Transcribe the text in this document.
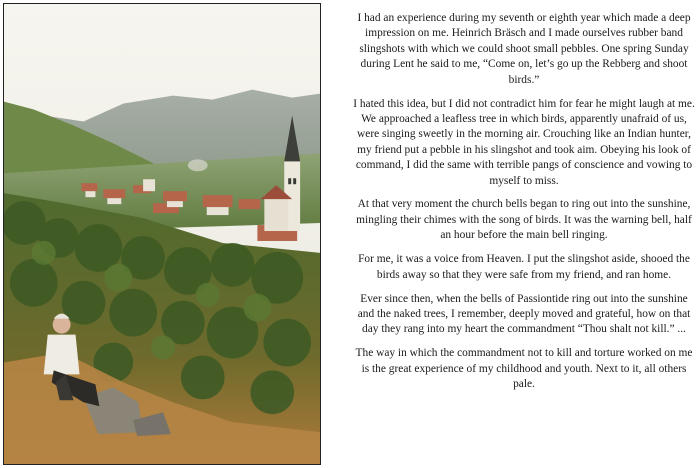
I had an experience during my seventh or eighth year which made a deep impression on me. Heinrich Bräsch and I made ourselves rubber band slingshots with which we could shoot small pebbles. One spring Sunday during Lent he said to me, “Come on, let’s go up the Rebberg and shoot birds.”

I hated this idea, but I did not contradict him for fear he might laugh at me. We approached a leafless tree in which birds, apparently unafraid of us, were singing sweetly in the morning air. Crouching like an Indian hunter, my friend put a pebble in his slingshot and took aim. Obeying his look of command, I did the same with terrible pangs of conscience and vowing to myself to miss.

At that very moment the church bells began to ring out into the sunshine, mingling their chimes with the song of birds. It was the warning bell, half an hour before the main bell ringing.

For me, it was a voice from Heaven. I put the slingshot aside, shooed the birds away so that they were safe from my friend, and ran home.

Ever since then, when the bells of Passiontide ring out into the sunshine and the naked trees, I remember, deeply moved and grateful, how on that day they rang into my heart the commandment “Thou shalt not kill.” ...

The way in which the commandment not to kill and torture worked on me is the great experience of my childhood and youth. Next to it, all others pale.
